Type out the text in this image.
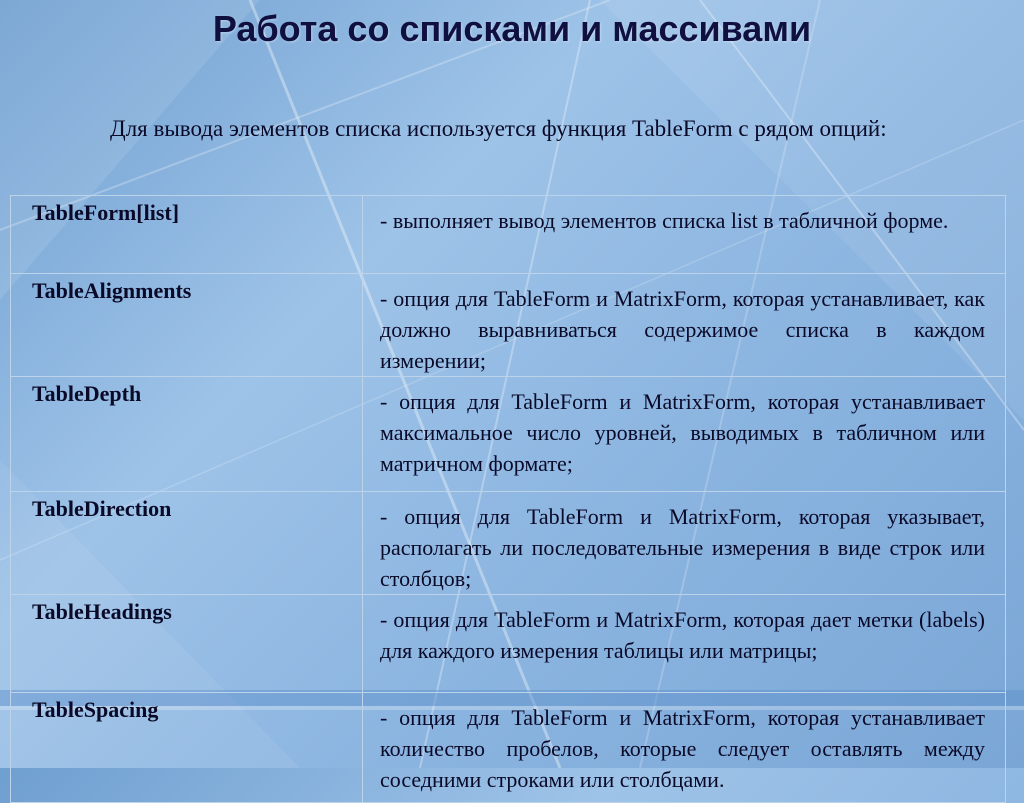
Работа со списками и массивами
Для вывода элементов списка используется функция TableForm с рядом опций:
TableForm[list]	- выполняет вывод элементов списка list в табличной форме.
TableAlignments	- опция для TableForm и MatrixForm, которая устанавливает, как должно выравниваться содержимое списка в каждом измерении;
TableDepth	- опция для TableForm и MatrixForm, которая устанавливает максимальное число уровней, выводимых в табличном или матричном формате;
TableDirection	- опция для TableForm и MatrixForm, которая указывает, располагать ли последовательные измерения в виде строк или столбцов;
TableHeadings	- опция для TableForm и MatrixForm, которая дает метки (labels) для каждого измерения таблицы или матрицы;
TableSpacing	- опция для TableForm и MatrixForm, которая устанавливает количество пробелов, которые следует оставлять между соседними строками или столбцами.
